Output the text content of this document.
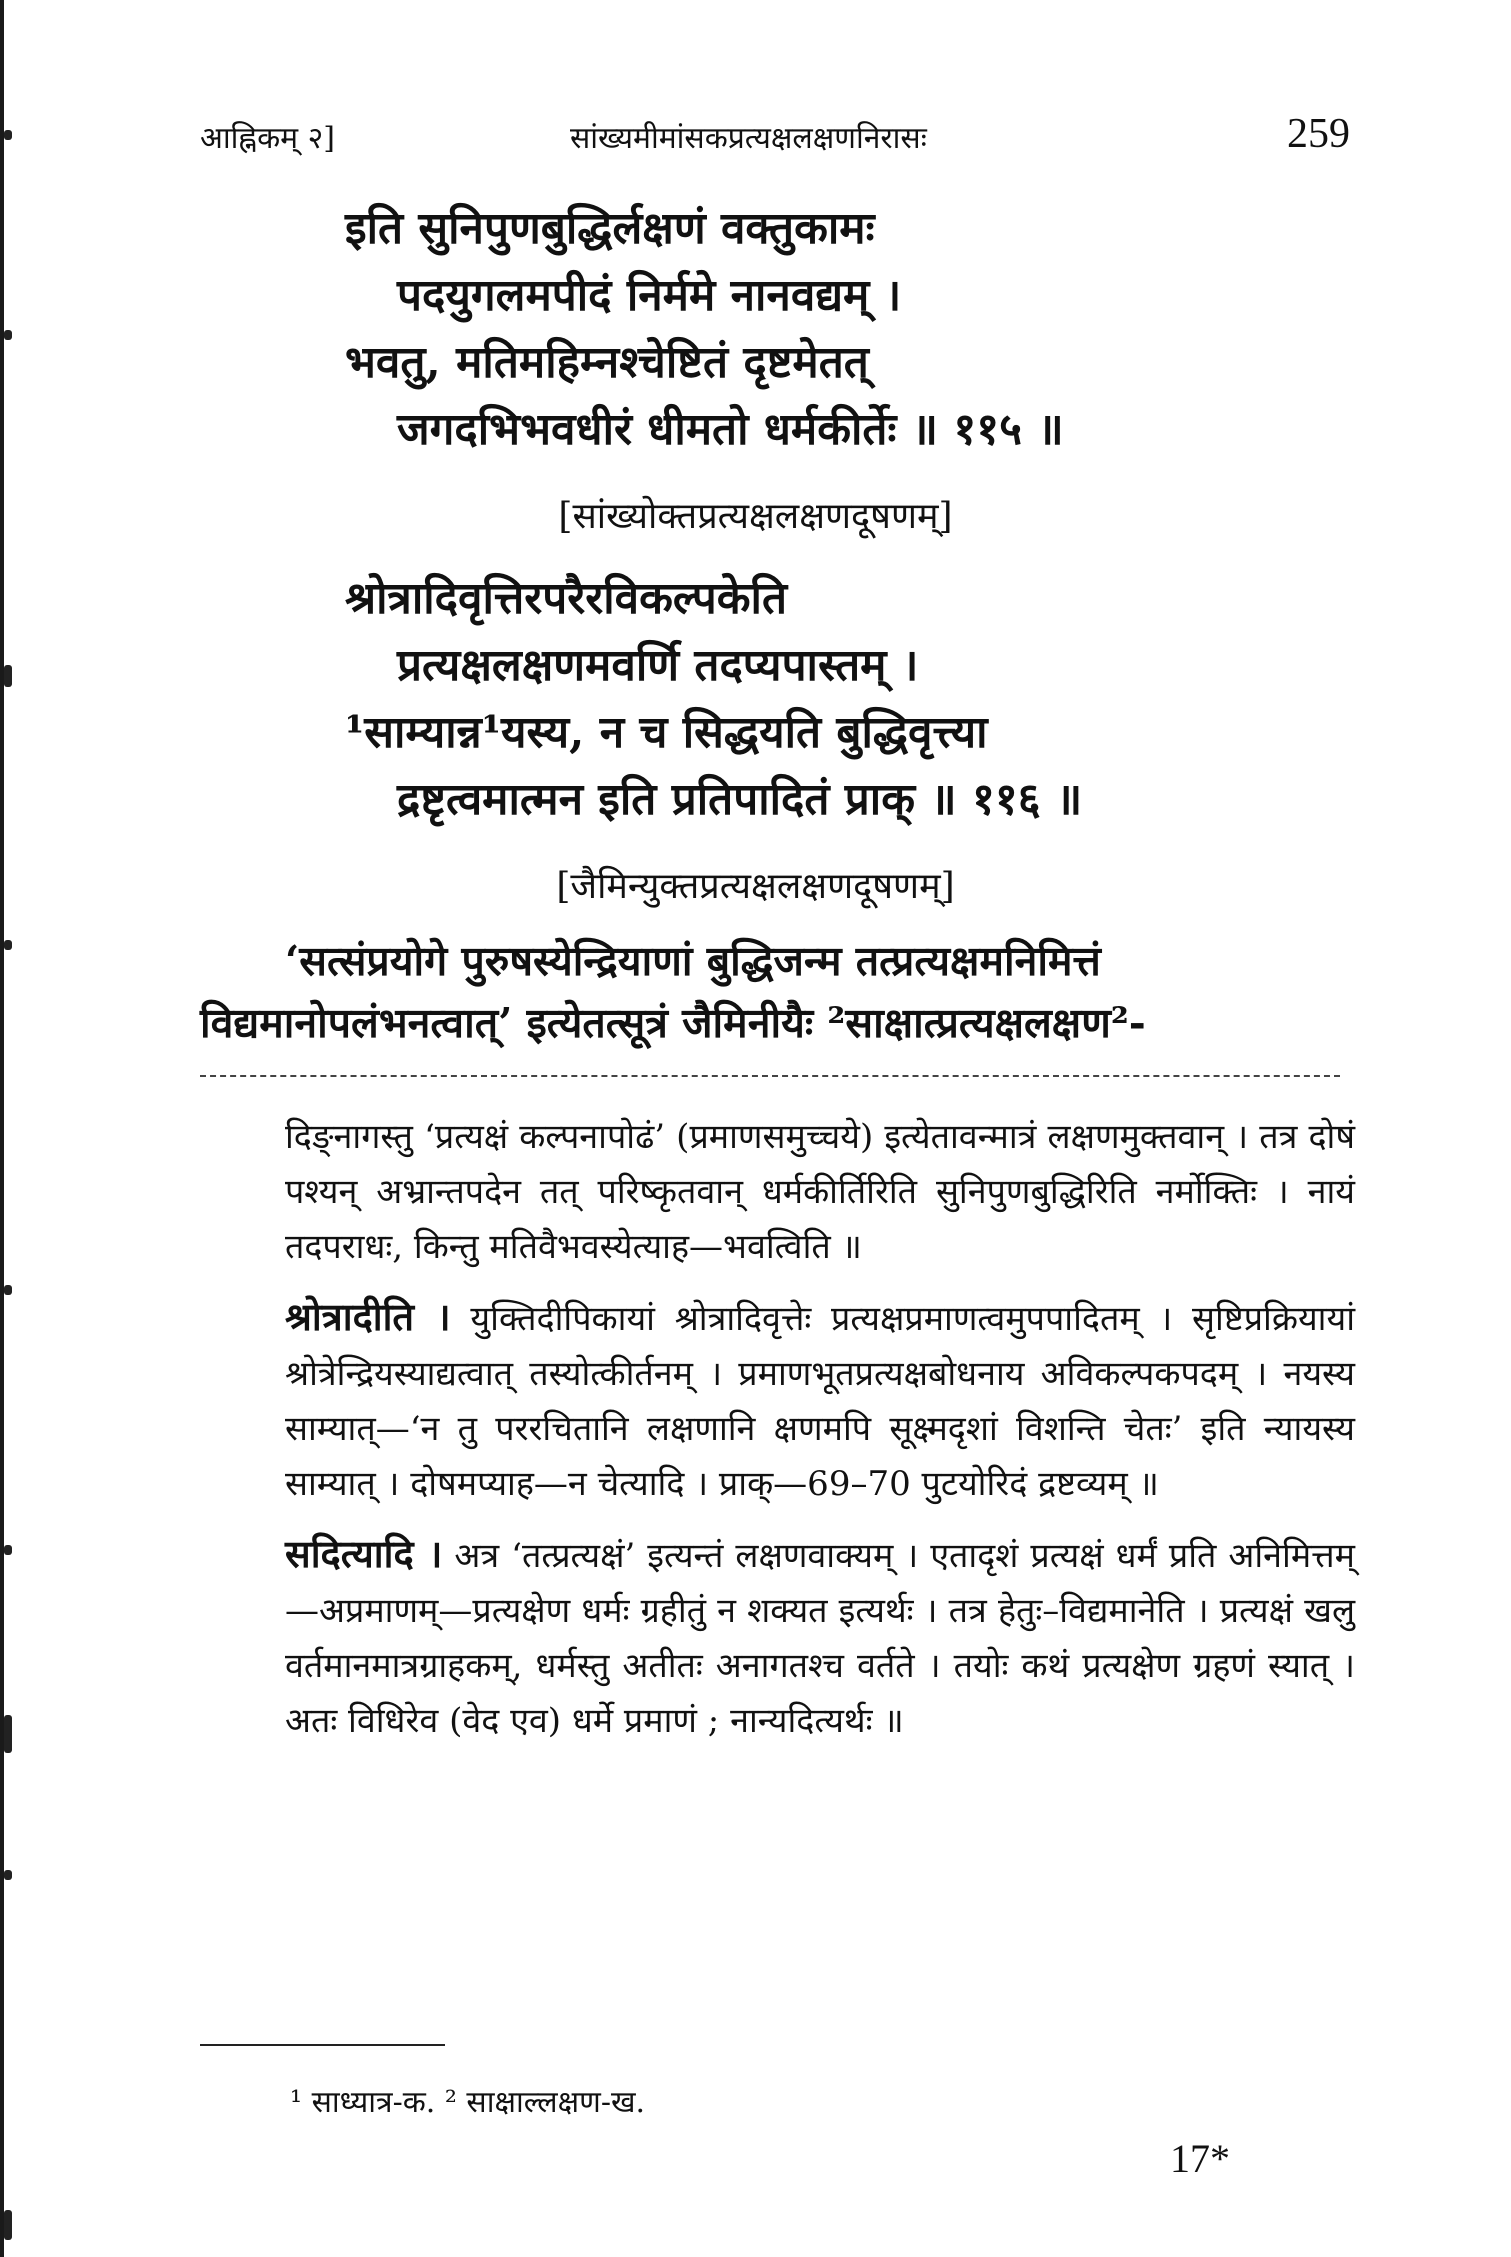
आह्निकम् २]	सांख्यमीमांसकप्रत्यक्षलक्षणनिरासः	259
इति सुनिपुणबुद्धिर्लक्षणं वक्तुकामः
पदयुगलमपीदं निर्ममे नानवद्यम् ।
भवतु, मतिमहिम्नश्चेष्टितं दृष्टमेतत्
जगदभिभवधीरं धीमतो धर्मकीर्तेः ॥ ११५ ॥
[सांख्योक्तप्रत्यक्षलक्षणदूषणम्]
श्रोत्रादिवृत्तिरपरैरविकल्पकेति
प्रत्यक्षलक्षणमवर्णि तदप्यपास्तम् ।
¹साम्यान्न¹यस्य, न च सिद्धयति बुद्धिवृत्त्या
द्रष्टृत्वमात्मन इति प्रतिपादितं प्राक् ॥ ११६ ॥
[जैमिन्युक्तप्रत्यक्षलक्षणदूषणम्]

‘सत्संप्रयोगे पुरुषस्येन्द्रियाणां बुद्धिजन्म तत्प्रत्यक्षमनिमित्तं

विद्यमानोपलंभनत्वात्’ इत्येतत्सूत्रं जैमिनीयैः ²साक्षात्प्रत्यक्षलक्षण²-

दिङ्नागस्तु ‘प्रत्यक्षं कल्पनापोढं’ (प्रमाणसमुच्चये) इत्येतावन्मात्रं लक्षणमुक्तवान् । तत्र दोषं पश्यन् अभ्रान्तपदेन तत् परिष्कृतवान् धर्मकीर्तिरिति सुनिपुणबुद्धिरिति नर्मोक्तिः । नायं तदपराधः, किन्तु मतिवैभवस्येत्याह—भवत्विति ॥

श्रोत्रादीति । युक्तिदीपिकायां श्रोत्रादिवृत्तेः प्रत्यक्षप्रमाणत्वमुपपादितम् । सृष्टिप्रक्रियायां श्रोत्रेन्द्रियस्याद्यत्वात् तस्योत्कीर्तनम् । प्रमाणभूतप्रत्यक्षबोधनाय अविकल्पकपदम् । नयस्य साम्यात्—‘न तु पररचितानि लक्षणानि क्षणमपि सूक्ष्मदृशां विशन्ति चेतः’ इति न्यायस्य साम्यात् । दोषमप्याह—न चेत्यादि । प्राक्—69–70 पुटयोरिदं द्रष्टव्यम् ॥

सदित्यादि । अत्र ‘तत्प्रत्यक्षं’ इत्यन्तं लक्षणवाक्यम् । एतादृशं प्रत्यक्षं धर्मं प्रति अनिमित्तम्—अप्रमाणम्—प्रत्यक्षेण धर्मः ग्रहीतुं न शक्यत इत्यर्थः । तत्र हेतुः–विद्यमानेति । प्रत्यक्षं खलु वर्तमानमात्रग्राहकम्, धर्मस्तु अतीतः अनागतश्च वर्तते । तयोः कथं प्रत्यक्षेण ग्रहणं स्यात् । अतः विधिरेव (वेद एव) धर्मे प्रमाणं ; नान्यदित्यर्थः ॥

¹ साध्यात्र-क. ² साक्षाल्लक्षण-ख.
17*
